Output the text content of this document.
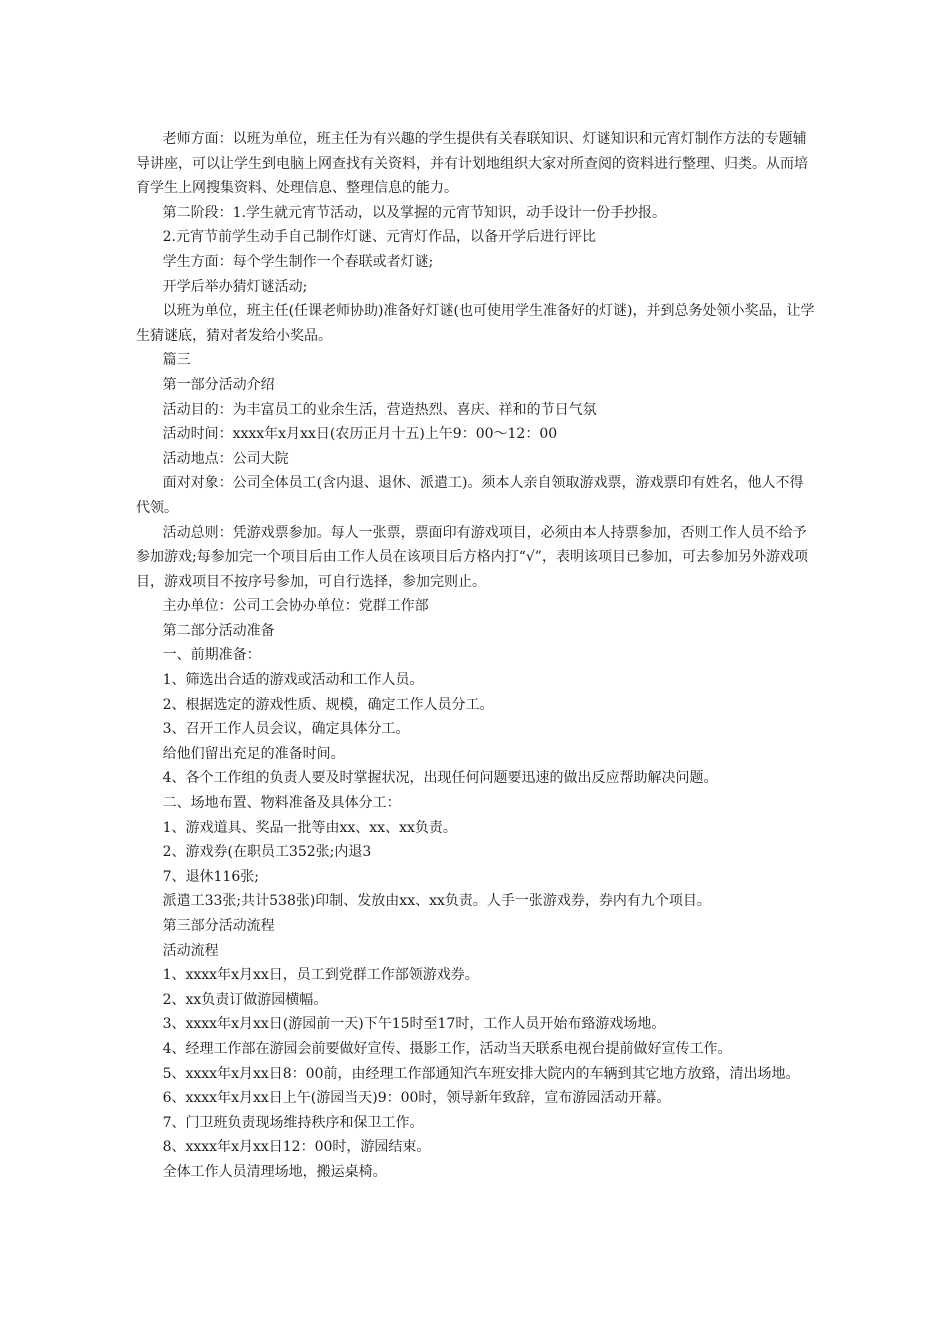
老师方面：以班为单位，班主任为有兴趣的学生提供有关春联知识、灯谜知识和元宵灯制作方法的专题辅导讲座，可以让学生到电脑上网查找有关资料，并有计划地组织大家对所查阅的资料进行整理、归类。从而培育学生上网搜集资料、处理信息、整理信息的能力。

第二阶段：1.学生就元宵节活动，以及掌握的元宵节知识，动手设计一份手抄报。

2.元宵节前学生动手自己制作灯谜、元宵灯作品，以备开学后进行评比

学生方面：每个学生制作一个春联或者灯谜;

开学后举办猜灯谜活动;

以班为单位，班主任(任课老师协助)准备好灯谜(也可使用学生准备好的灯谜)，并到总务处领小奖品，让学生猜谜底，猜对者发给小奖品。

篇三

第一部分活动介绍

活动目的：为丰富员工的业余生活，营造热烈、喜庆、祥和的节日气氛

活动时间：xxxx年x月xx日(农历正月十五)上午9：00～12：00

活动地点：公司大院

面对对象：公司全体员工(含内退、退休、派遣工)。须本人亲自领取游戏票，游戏票印有姓名，他人不得代领。

活动总则：凭游戏票参加。每人一张票，票面印有游戏项目，必须由本人持票参加，否则工作人员不给予参加游戏;每参加完一个项目后由工作人员在该项目后方格内打“√”，表明该项目已参加，可去参加另外游戏项目，游戏项目不按序号参加，可自行选择，参加完则止。

主办单位：公司工会协办单位：党群工作部

第二部分活动准备

一、前期准备：

1、筛选出合适的游戏或活动和工作人员。

2、根据选定的游戏性质、规模，确定工作人员分工。

3、召开工作人员会议，确定具体分工。

给他们留出充足的准备时间。

4、各个工作组的负责人要及时掌握状况，出现任何问题要迅速的做出反应帮助解决问题。

二、场地布置、物料准备及具体分工：

1、游戏道具、奖品一批等由xx、xx、xx负责。

2、游戏券(在职员工352张;内退3

7、退休116张;

派遣工33张;共计538张)印制、发放由xx、xx负责。人手一张游戏券，券内有九个项目。

第三部分活动流程

活动流程

1、xxxx年x月xx日，员工到党群工作部领游戏券。

2、xx负责订做游园横幅。

3、xxxx年x月xx日(游园前一天)下午15时至17时，工作人员开始布臵游戏场地。

4、经理工作部在游园会前要做好宣传、摄影工作，活动当天联系电视台提前做好宣传工作。

5、xxxx年x月xx日8：00前，由经理工作部通知汽车班安排大院内的车辆到其它地方放臵，清出场地。

6、xxxx年x月xx日上午(游园当天)9：00时，领导新年致辞，宣布游园活动开幕。

7、门卫班负责现场维持秩序和保卫工作。

8、xxxx年x月xx日12：00时，游园结束。

全体工作人员清理场地，搬运桌椅。
